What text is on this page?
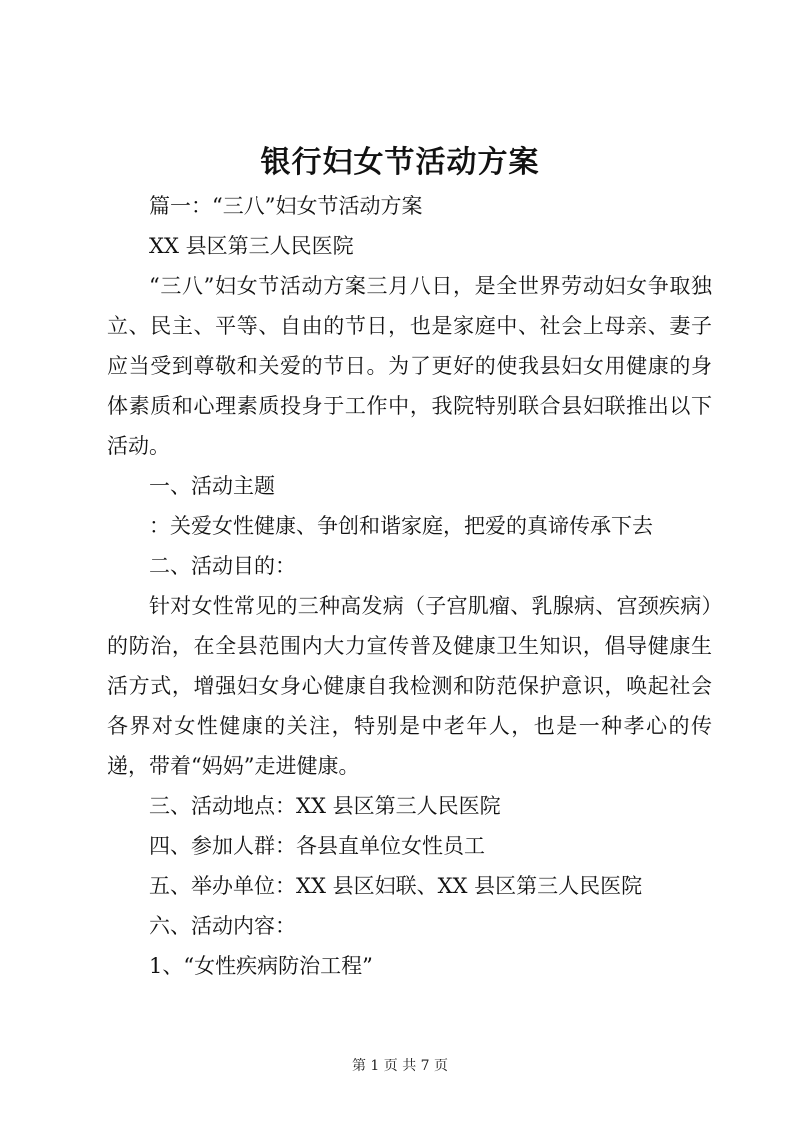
银行妇女节活动方案

篇一：“三八”妇女节活动方案

XX 县区第三人民医院

“三八”妇女节活动方案三月八日，是全世界劳动妇女争取独立、民主、平等、自由的节日，也是家庭中、社会上母亲、妻子应当受到尊敬和关爱的节日。为了更好的使我县妇女用健康的身体素质和心理素质投身于工作中，我院特别联合县妇联推出以下活动。

一、活动主题

：关爱女性健康、争创和谐家庭，把爱的真谛传承下去

二、活动目的：

针对女性常见的三种高发病（子宫肌瘤、乳腺病、宫颈疾病）的防治，在全县范围内大力宣传普及健康卫生知识，倡导健康生活方式，增强妇女身心健康自我检测和防范保护意识，唤起社会各界对女性健康的关注，特别是中老年人，也是一种孝心的传递，带着“妈妈”走进健康。

三、活动地点：XX 县区第三人民医院

四、参加人群：各县直单位女性员工

五、举办单位：XX 县区妇联、XX 县区第三人民医院

六、活动内容：

1、“女性疾病防治工程”

第 1 页 共 7 页
